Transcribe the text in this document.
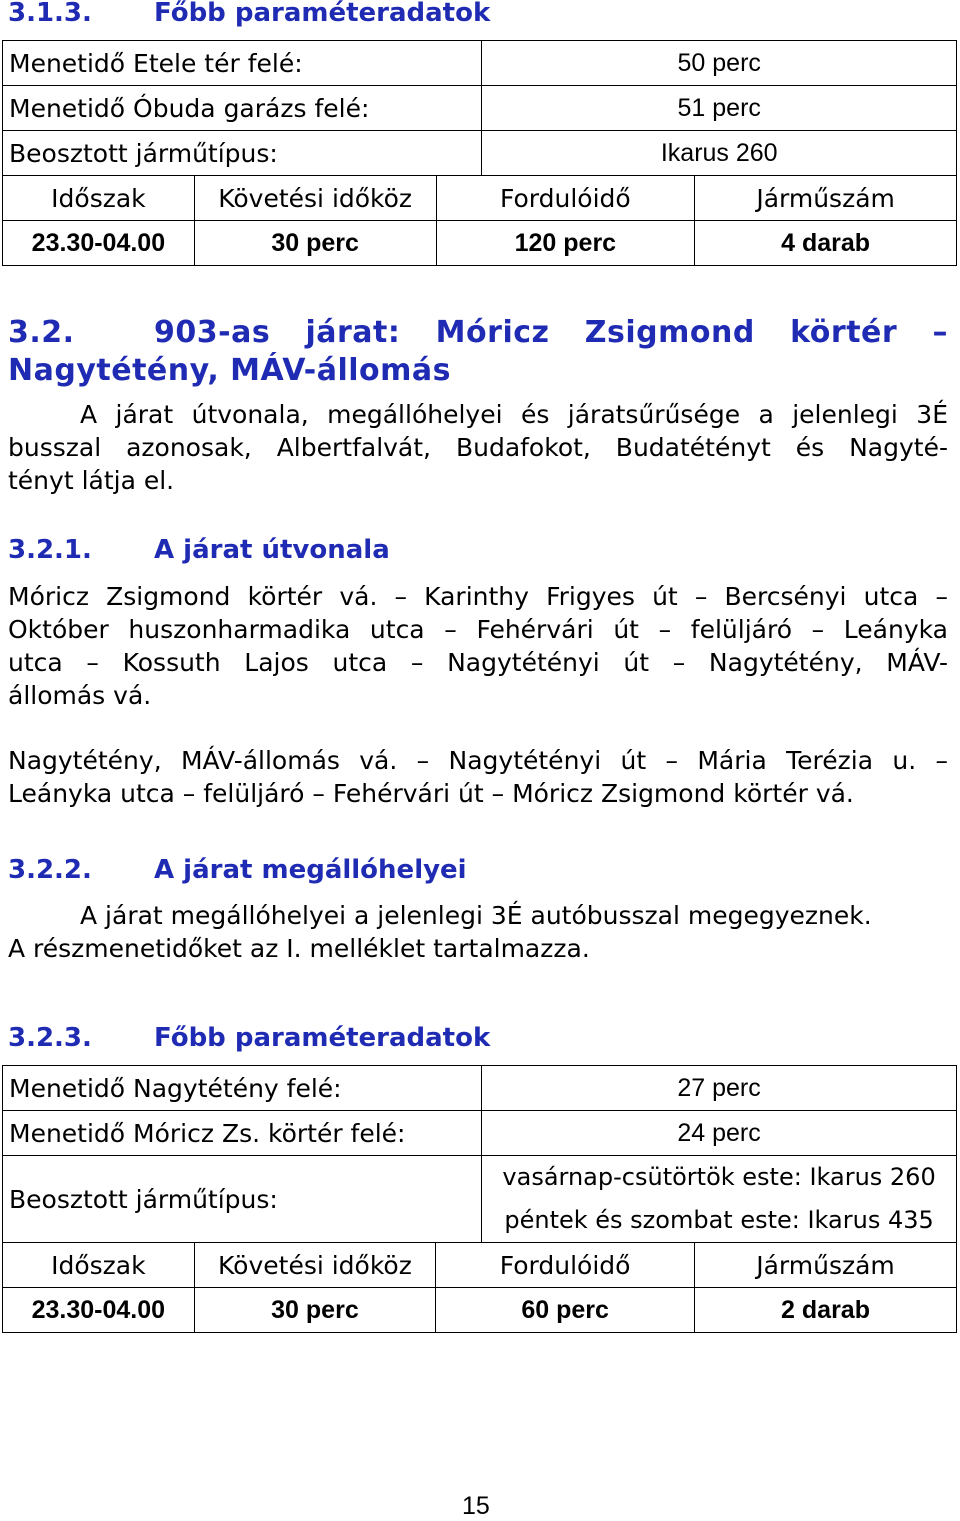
3.1.3. Főbb paraméteradatok
Menetidő Etele tér felé:			50 perc	
Menetidő Óbuda garázs felé:			51 perc	
Beosztott járműtípus:			Ikarus 260	
Időszak	Követési időköz	Fordulóidő		Járműszám
23.30-04.00	30 perc	120 perc		4 darab
3.2.	903-as járat: Móricz Zsigmond körtér –
Nagytétény, MÁV-állomás
A járat útvonala, megállóhelyei és járatsűrűsége a jelenlegi 3É
busszal azonosak, Albertfalvát, Budafokot, Budatétényt és Nagyté-
tényt látja el.
3.2.1. A járat útvonala
Móricz Zsigmond körtér vá. – Karinthy Frigyes út – Bercsényi utca –
Október huszonharmadika utca – Fehérvári út – felüljáró – Leányka
utca – Kossuth Lajos utca – Nagytétényi út – Nagytétény, MÁV-
állomás vá.
Nagytétény, MÁV-állomás vá. – Nagytétényi út – Mária Terézia u. –
Leányka utca – felüljáró – Fehérvári út – Móricz Zsigmond körtér vá.
3.2.2. A járat megállóhelyei
A járat megállóhelyei a jelenlegi 3É autóbusszal megegyeznek.
A részmenetidőket az I. melléklet tartalmazza.
3.2.3. Főbb paraméteradatok
Menetidő Nagytétény felé:			27 perc	
Menetidő Móricz Zs. körtér felé:			24 perc	
Beosztott járműtípus:			vasárnap-csütörtök este: Ikarus 260
péntek és szombat este: Ikarus 435	

Időszak	Követési időköz	Fordulóidő		Járműszám
23.30-04.00	30 perc	60 perc		2 darab
15
